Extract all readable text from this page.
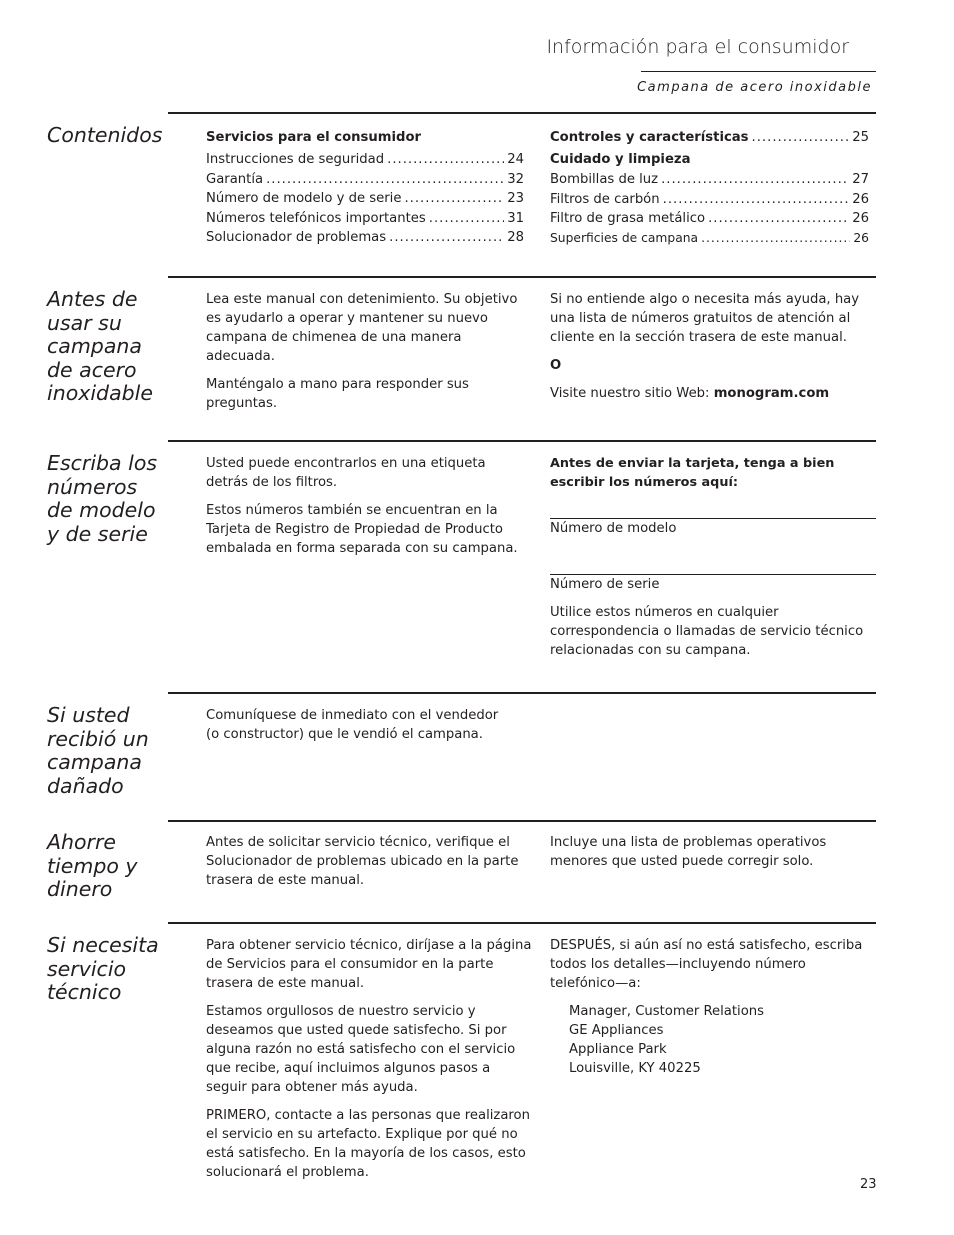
Información para el consumidor
Campana de acero inoxidable
Contenidos	Servicios para el consumidor
Instrucciones de seguridad .....	24
Garantía .....	32
Número de modelo y de serie .....	23
Números telefónicos importantes .....	31
Solucionador de problemas .....	28
Controles y características .....	25
Cuidado y limpieza
Bombillas de luz .....	27
Filtros de carbón .....	26
Filtro de grasa metálico .....	26
Superficies de campana .....	26
Antes de usar su campana de acero inoxidable

Lea este manual con detenimiento. Su objetivo es ayudarlo a operar y mantener su nuevo campana de chimenea de una manera adecuada.

Manténgalo a mano para responder sus preguntas.

Si no entiende algo o necesita más ayuda, hay una lista de números gratuitos de atención al cliente en la sección trasera de este manual.

O

Visite nuestro sitio Web: monogram.com

Escriba los números de modelo y de serie

Usted puede encontrarlos en una etiqueta detrás de los filtros.

Estos números también se encuentran en la Tarjeta de Registro de Propiedad de Producto embalada en forma separada con su campana.

Antes de enviar la tarjeta, tenga a bien escribir los números aquí:

Número de modelo
Número de serie
Utilice estos números en cualquier correspondencia o llamadas de servicio técnico relacionadas con su campana.
Si usted recibió un campana dañado
Comuníquese de inmediato con el vendedor
(o constructor) que le vendió el campana.
Ahorre tiempo y dinero
Antes de solicitar servicio técnico, verifique el Solucionador de problemas ubicado en la parte trasera de este manual.
Incluye una lista de problemas operativos menores que usted puede corregir solo.
Si necesita servicio técnico

Para obtener servicio técnico, diríjase a la página de Servicios para el consumidor en la parte trasera de este manual.

Estamos orgullosos de nuestro servicio y deseamos que usted quede satisfecho. Si por alguna razón no está satisfecho con el servicio que recibe, aquí incluimos algunos pasos a seguir para obtener más ayuda.

PRIMERO, contacte a las personas que realizaron el servicio en su artefacto. Explique por qué no está satisfecho. En la mayoría de los casos, esto solucionará el problema.

DESPUÉS, si aún así no está satisfecho, escriba todos los detalles—incluyendo número telefónico—a:

Manager, Customer Relations
GE Appliances
Appliance Park
Louisville, KY 40225
23
